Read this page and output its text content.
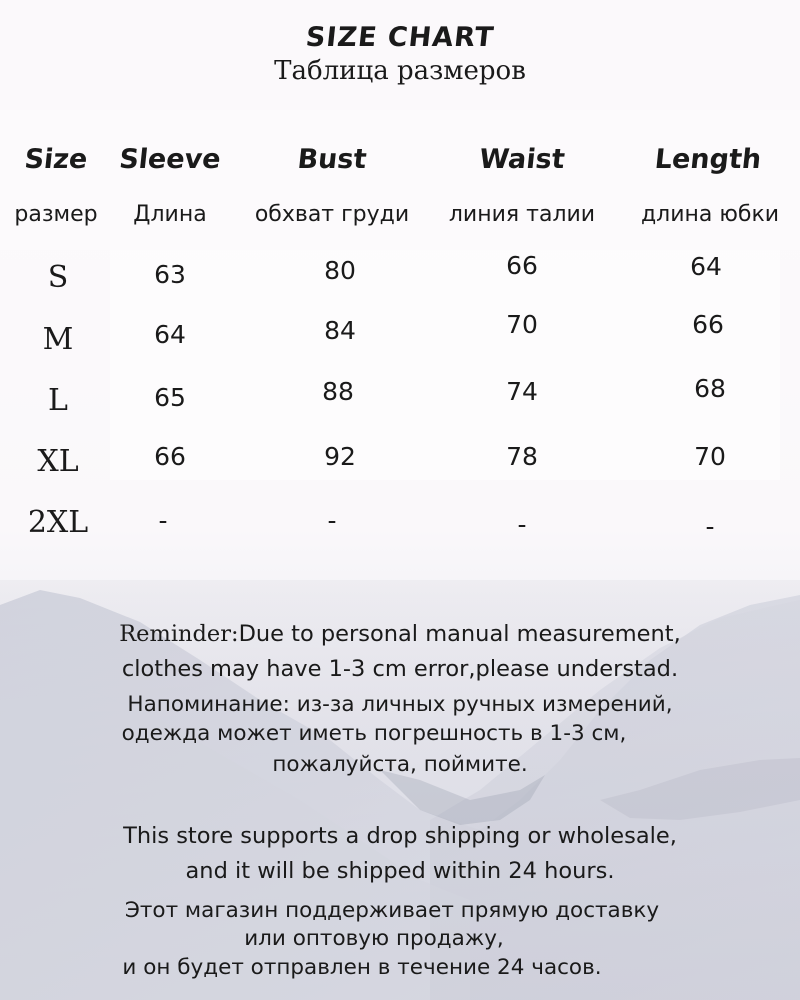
SIZE CHART
Таблица размеров
Size	Sleeve	Bust	Waist	Length
размер	Длина	обхват груди	линия талии	длина юбки
S	63	80	66	64
M	64	84	70	66
L	65	88	74	68
XL	66	92	78	70
2XL	-	-	-	-
Reminder:Due to personal manual measurement,
clothes may have 1-3 cm error,please understad.
Напоминание: из-за личных ручных измерений,
одежда может иметь погрешность в 1-3 см,
пожалуйста, поймите.
This store supports a drop shipping or wholesale,
and it will be shipped within 24 hours.
Этот магазин поддерживает прямую доставку
или оптовую продажу,
и он будет отправлен в течение 24 часов.
